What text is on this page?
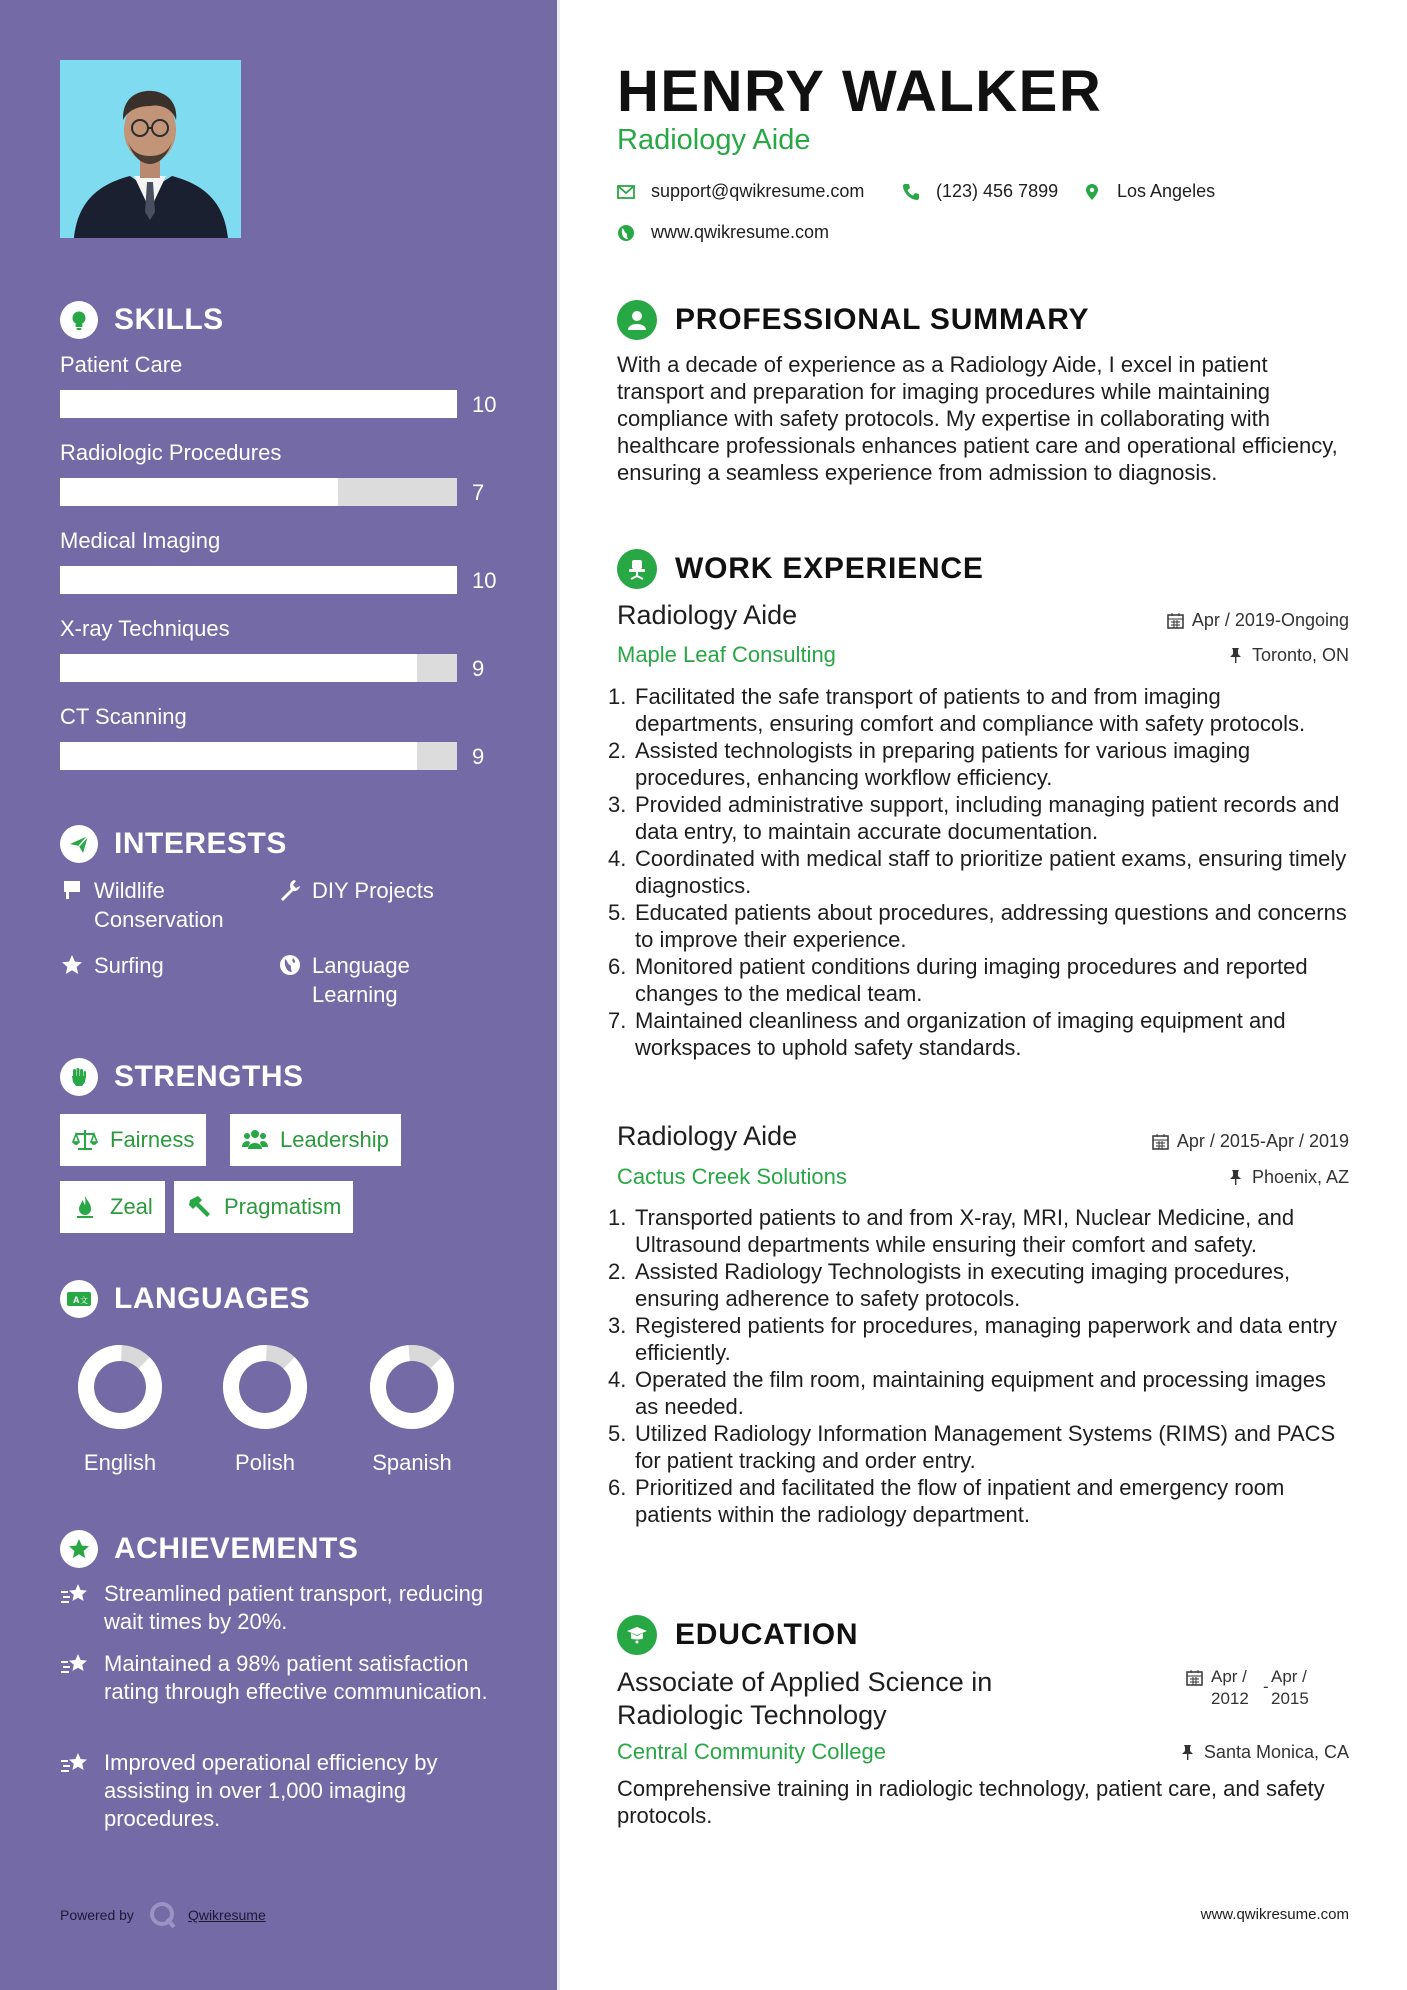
SKILLS
Patient Care
10
Radiologic Procedures
7
Medical Imaging
10
X-ray Techniques
9
CT Scanning
9
INTERESTS
Wildlife Conservation
DIY Projects
Surfing	Language Learning
STRENGTHS
Fairness	Leadership
Zeal	Pragmatism
A 文 LANGUAGES
English	Polish	Spanish
ACHIEVEMENTS
Streamlined patient transport, reducing wait times by 20%.
Maintained a 98% patient satisfaction rating through effective communication.
Improved operational efficiency by assisting in over 1,000 imaging procedures.
Powered by	Qwikresume
HENRY WALKER
Radiology Aide
support@qwikresume.com	(123) 456 7899	Los Angeles
www.qwikresume.com
PROFESSIONAL SUMMARY

With a decade of experience as a Radiology Aide, I excel in patient transport and preparation for imaging procedures while maintaining compliance with safety protocols. My expertise in collaborating with healthcare professionals enhances patient care and operational efficiency, ensuring a seamless experience from admission to diagnosis.

WORK EXPERIENCE
Radiology Aide	Apr / 2019-Ongoing
Maple Leaf Consulting	Toronto, ON
Facilitated the safe transport of patients to and from imaging departments, ensuring comfort and compliance with safety protocols.
Assisted technologists in preparing patients for various imaging procedures, enhancing workflow efficiency.
Provided administrative support, including managing patient records and data entry, to maintain accurate documentation.
Coordinated with medical staff to prioritize patient exams, ensuring timely diagnostics.
Educated patients about procedures, addressing questions and concerns to improve their experience.
Monitored patient conditions during imaging procedures and reported changes to the medical team.
Maintained cleanliness and organization of imaging equipment and workspaces to uphold safety standards.
Radiology Aide	Apr / 2015-Apr / 2019
Cactus Creek Solutions	Phoenix, AZ
Transported patients to and from X-ray, MRI, Nuclear Medicine, and Ultrasound departments while ensuring their comfort and safety.
Assisted Radiology Technologists in executing imaging procedures, ensuring adherence to safety protocols.
Registered patients for procedures, managing paperwork and data entry efficiently.
Operated the film room, maintaining equipment and processing images as needed.
Utilized Radiology Information Management Systems (RIMS) and PACS for patient tracking and order entry.
Prioritized and facilitated the flow of inpatient and emergency room patients within the radiology department.
EDUCATION
Associate of Applied Science in Radiologic Technology
Apr / 2012
-
Apr / 2015
Central Community College	Santa Monica, CA

Comprehensive training in radiologic technology, patient care, and safety protocols.

www.qwikresume.com
